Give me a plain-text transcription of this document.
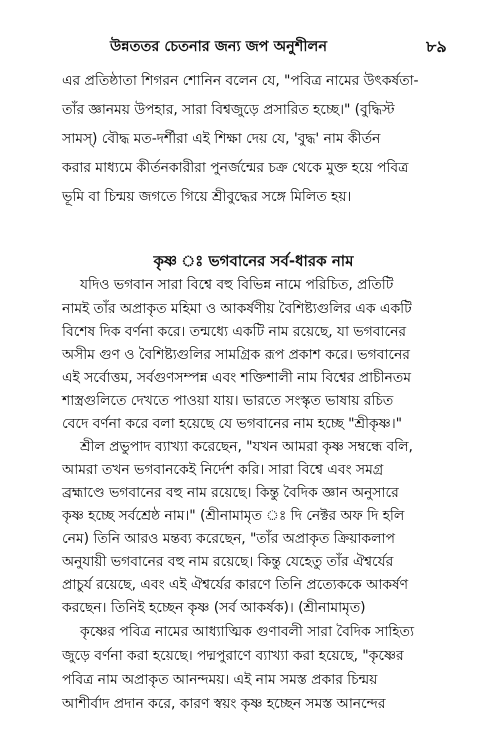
উন্নততর চেতনার জন্য জপ অনুশীলন	৮৯
এর প্রতিষ্ঠাতা শিগরন শোনিন বলেন যে, "পবিত্র নামের উৎকর্ষতা-
তাঁর জ্ঞানময় উপহার, সারা বিশ্বজুড়ে প্রসারিত হচ্ছে।" (বুদ্ধিস্ট
সামস্) বৌদ্ধ মত-দর্শীরা এই শিক্ষা দেয় যে, 'বুদ্ধ' নাম কীর্তন
করার মাধ্যমে কীর্তনকারীরা পুনর্জন্মের চক্র থেকে মুক্ত হয়ে পবিত্র
ভূমি বা চিন্ময় জগতে গিয়ে শ্রীবুদ্ধের সঙ্গে মিলিত হয়।
কৃষ্ণ ঃ ভগবানের সর্ব-ধারক নাম
যদিও ভগবান সারা বিশ্বে বহু বিভিন্ন নামে পরিচিত, প্রতিটি
নামই তাঁর অপ্রাকৃত মহিমা ও আকর্ষণীয় বৈশিষ্ট্যগুলির এক একটি
বিশেষ দিক বর্ণনা করে। তন্মধ্যে একটি নাম রয়েছে, যা ভগবানের
অসীম গুণ ও বৈশিষ্ট্যগুলির সামগ্রিক রূপ প্রকাশ করে। ভগবানের
এই সর্বোত্তম, সর্বগুণসম্পন্ন এবং শক্তিশালী নাম বিশ্বের প্রাচীনতম
শাস্ত্রগুলিতে দেখতে পাওয়া যায়। ভারতে সংস্কৃত ভাষায় রচিত
বেদে বর্ণনা করে বলা হয়েছে যে ভগবানের নাম হচ্ছে "শ্রীকৃষ্ণ।"
শ্রীল প্রভুপাদ ব্যাখ্যা করেছেন, "যখন আমরা কৃষ্ণ সম্বন্ধে বলি,
আমরা তখন ভগবানকেই নির্দেশ করি। সারা বিশ্বে এবং সমগ্র
ব্রহ্মাণ্ডে ভগবানের বহু নাম রয়েছে। কিন্তু বৈদিক জ্ঞান অনুসারে
কৃষ্ণ হচ্ছে সর্বশ্রেষ্ঠ নাম।" (শ্রীনামামৃত ঃ দি নেক্টর অফ দি হলি
নেম) তিনি আরও মন্তব্য করেছেন, "তাঁর অপ্রাকৃত ক্রিয়াকলাপ
অনুযায়ী ভগবানের বহু নাম রয়েছে। কিন্তু যেহেতু তাঁর ঐশ্বর্যের
প্রাচুর্য রয়েছে, এবং এই ঐশ্বর্যের কারণে তিনি প্রত্যেককে আকর্ষণ
করছেন। তিনিই হচ্ছেন কৃষ্ণ (সর্ব আকর্ষক)। (শ্রীনামামৃত)
কৃষ্ণের পবিত্র নামের আধ্যাত্মিক গুণাবলী সারা বৈদিক সাহিত্য
জুড়ে বর্ণনা করা হয়েছে। পদ্মপুরাণে ব্যাখ্যা করা হয়েছে, "কৃষ্ণের
পবিত্র নাম অপ্রাকৃত আনন্দময়। এই নাম সমস্ত প্রকার চিন্ময়
আশীর্বাদ প্রদান করে, কারণ স্বয়ং কৃষ্ণ হচ্ছেন সমস্ত আনন্দের
